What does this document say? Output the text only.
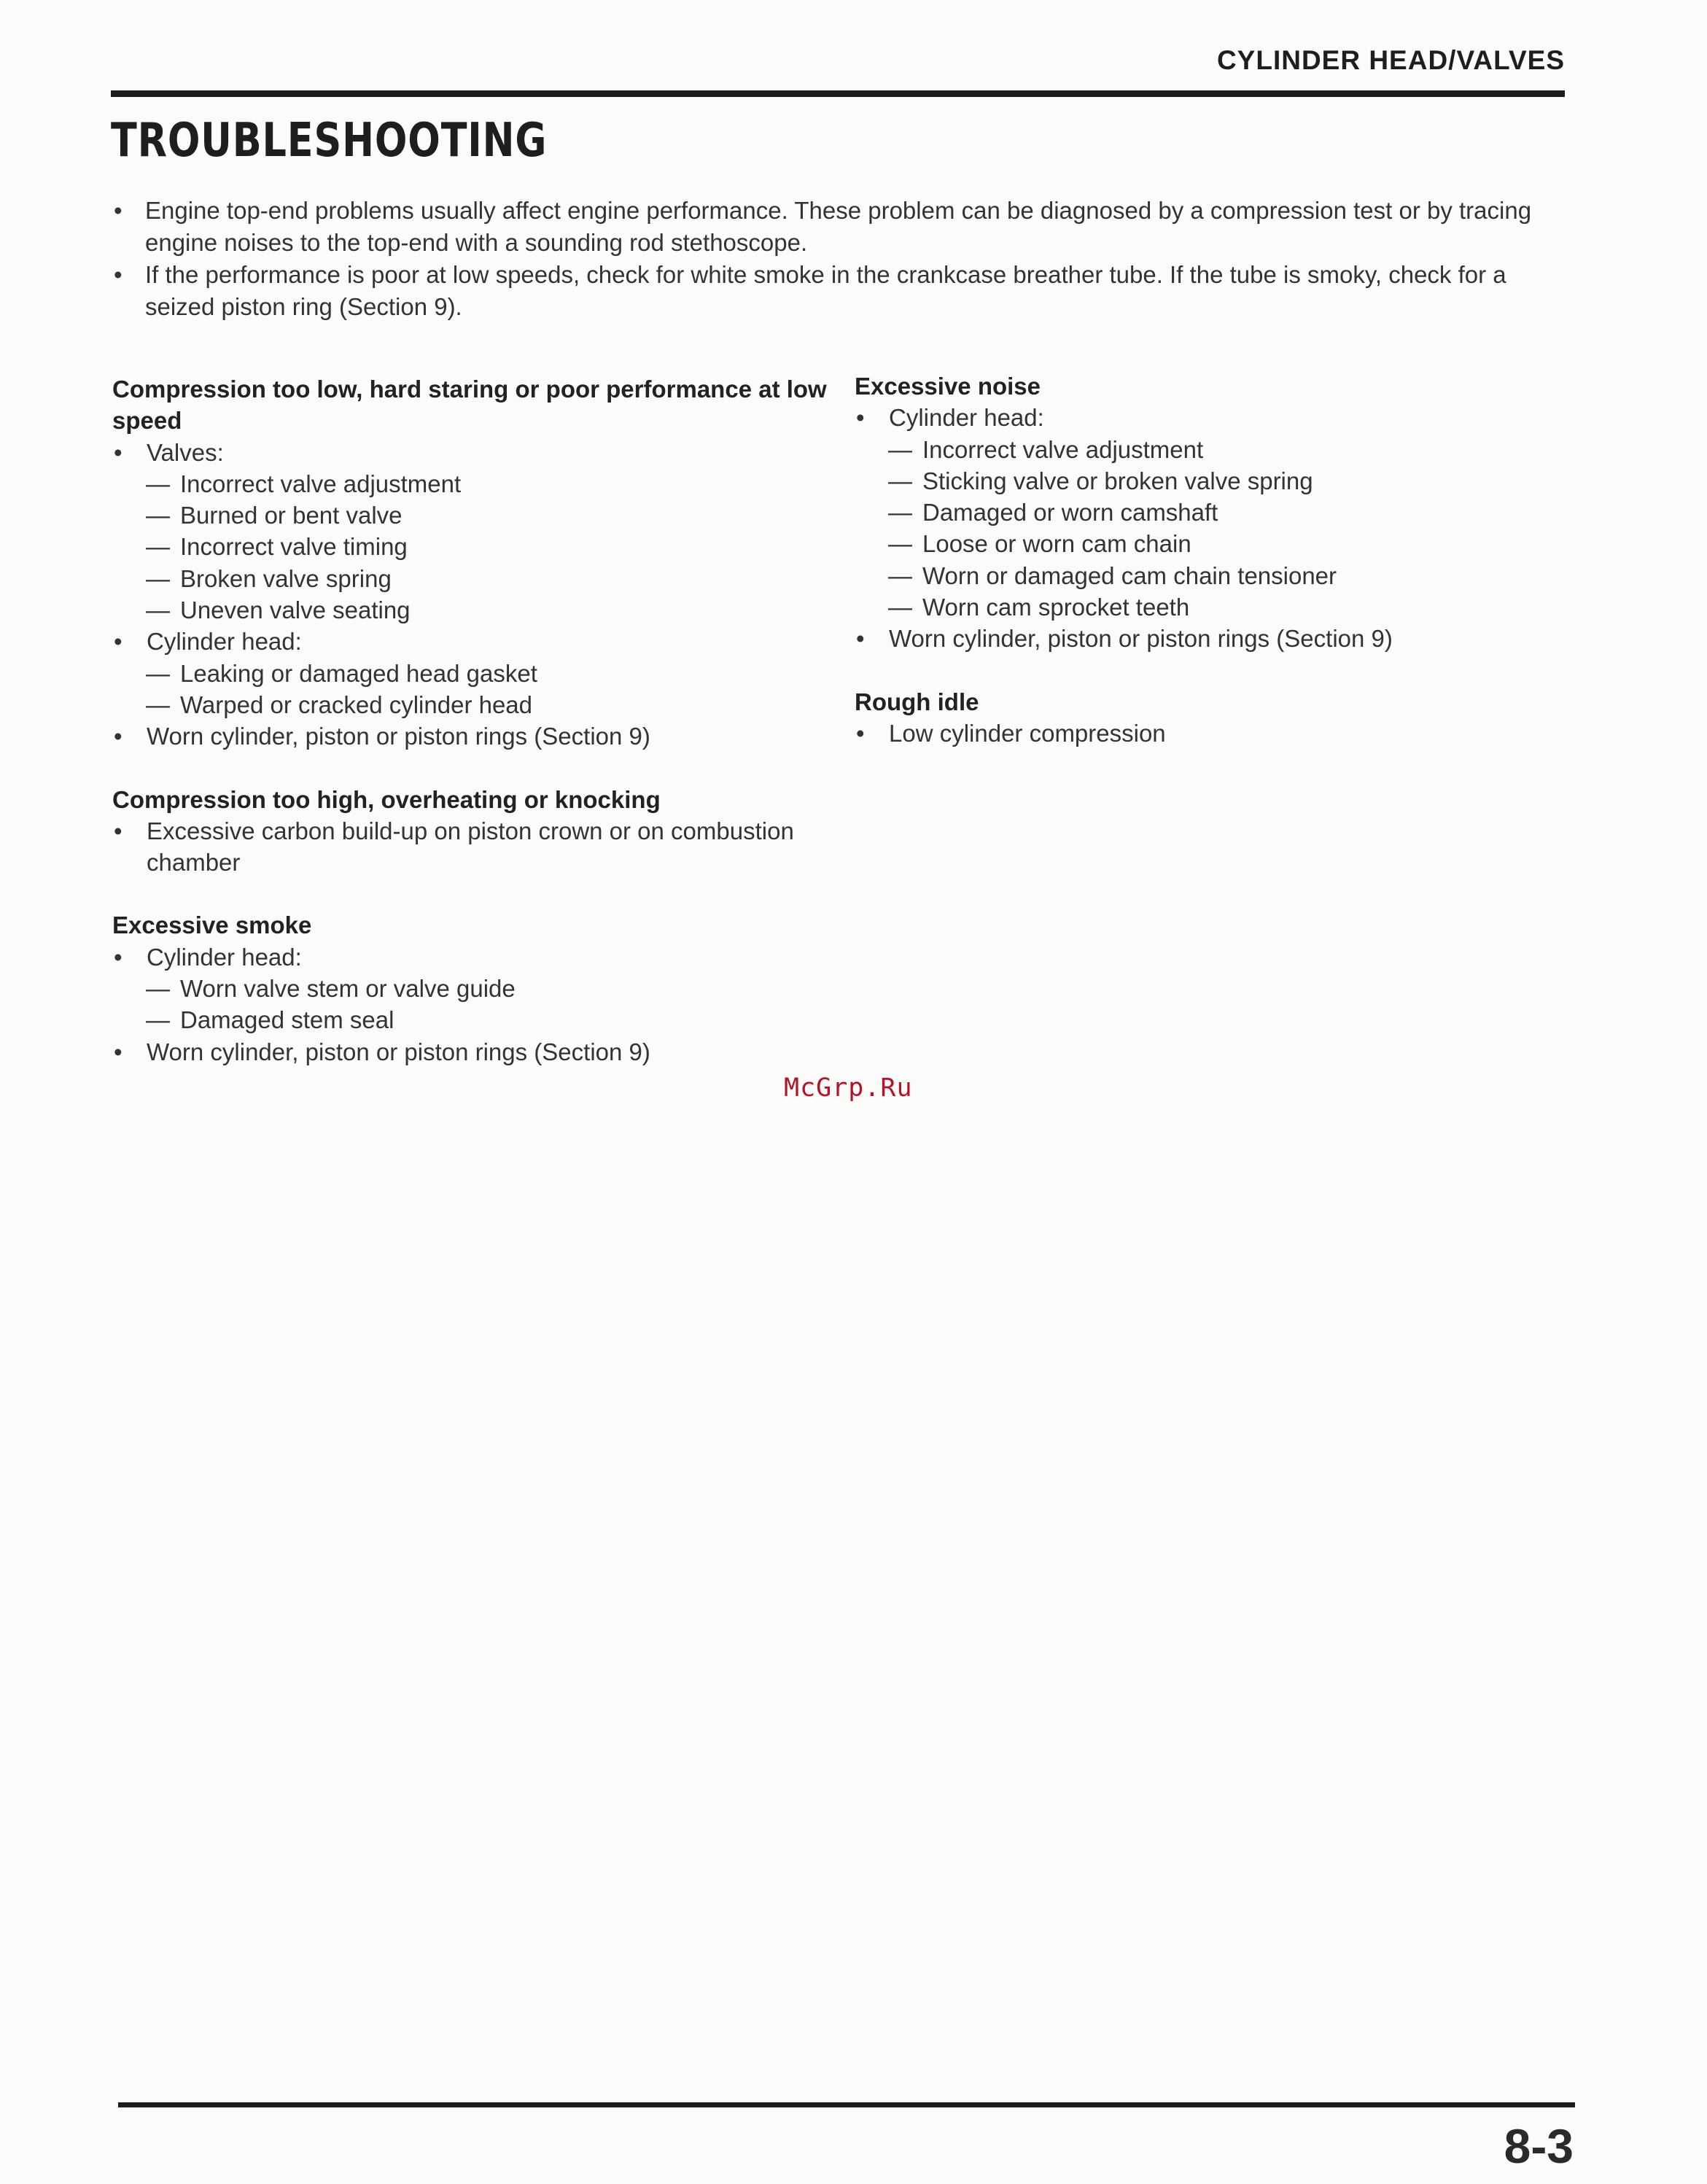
CYLINDER HEAD/VALVES
TROUBLESHOOTING
• Engine top-end problems usually affect engine performance. These problem can be diagnosed by a compression test or by tracing engine noises to the top-end with a sounding rod stethoscope.
• If the performance is poor at low speeds, check for white smoke in the crankcase breather tube. If the tube is smoky, check for a seized piston ring (Section 9).
Compression too low, hard staring or poor performance at low speed
• Valves:
— Incorrect valve adjustment
— Burned or bent valve
— Incorrect valve timing
— Broken valve spring
— Uneven valve seating
• Cylinder head:
— Leaking or damaged head gasket
— Warped or cracked cylinder head
• Worn cylinder, piston or piston rings (Section 9)
Compression too high, overheating or knocking
• Excessive carbon build-up on piston crown or on combustion chamber
Excessive smoke
• Cylinder head:
— Worn valve stem or valve guide
— Damaged stem seal
• Worn cylinder, piston or piston rings (Section 9)
Excessive noise
• Cylinder head:
— Incorrect valve adjustment
— Sticking valve or broken valve spring
— Damaged or worn camshaft
— Loose or worn cam chain
— Worn or damaged cam chain tensioner
— Worn cam sprocket teeth
• Worn cylinder, piston or piston rings (Section 9)
Rough idle
• Low cylinder compression
McGrp.Ru
8-3
